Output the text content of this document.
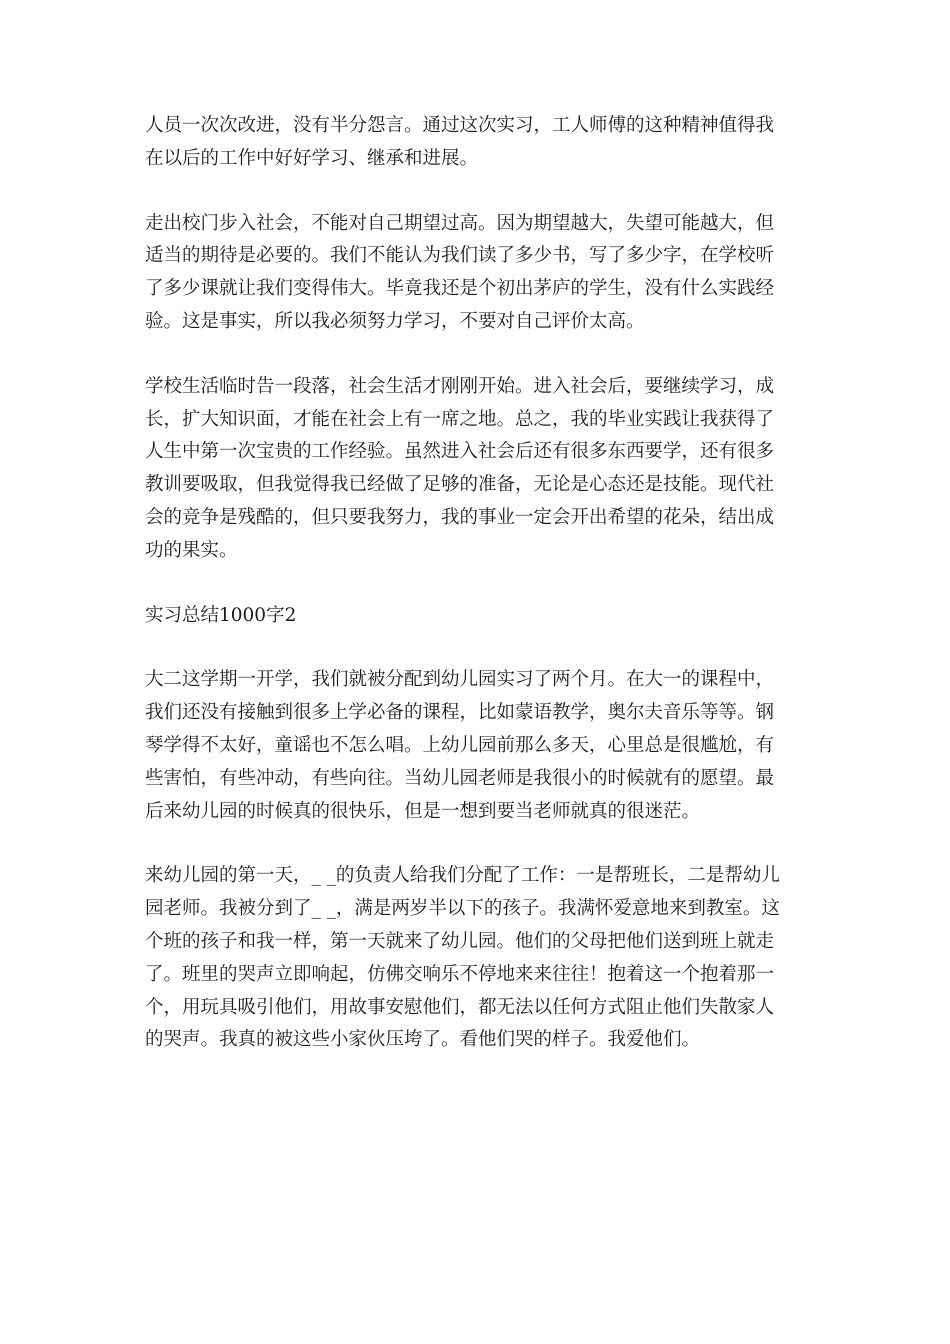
人员一次次改进，没有半分怨言。通过这次实习，工人师傅的这种精神值得我
在以后的工作中好好学习、继承和进展。
走出校门步入社会，不能对自己期望过高。因为期望越大，失望可能越大，但
适当的期待是必要的。我们不能认为我们读了多少书，写了多少字，在学校听
了多少课就让我们变得伟大。毕竟我还是个初出茅庐的学生，没有什么实践经
验。这是事实，所以我必须努力学习，不要对自己评价太高。
学校生活临时告一段落，社会生活才刚刚开始。进入社会后，要继续学习，成
长，扩大知识面，才能在社会上有一席之地。总之，我的毕业实践让我获得了
人生中第一次宝贵的工作经验。虽然进入社会后还有很多东西要学，还有很多
教训要吸取，但我觉得我已经做了足够的准备，无论是心态还是技能。现代社
会的竞争是残酷的，但只要我努力，我的事业一定会开出希望的花朵，结出成
功的果实。
实习总结1000字2
大二这学期一开学，我们就被分配到幼儿园实习了两个月。在大一的课程中，
我们还没有接触到很多上学必备的课程，比如蒙语教学，奥尔夫音乐等等。钢
琴学得不太好，童谣也不怎么唱。上幼儿园前那么多天，心里总是很尴尬，有
些害怕，有些冲动，有些向往。当幼儿园老师是我很小的时候就有的愿望。最
后来幼儿园的时候真的很快乐，但是一想到要当老师就真的很迷茫。
来幼儿园的第一天，_ _的负责人给我们分配了工作：一是帮班长，二是帮幼儿
园老师。我被分到了_ _，满是两岁半以下的孩子。我满怀爱意地来到教室。这
个班的孩子和我一样，第一天就来了幼儿园。他们的父母把他们送到班上就走
了。班里的哭声立即响起，仿佛交响乐不停地来来往往！抱着这一个抱着那一
个，用玩具吸引他们，用故事安慰他们，都无法以任何方式阻止他们失散家人
的哭声。我真的被这些小家伙压垮了。看他们哭的样子。我爱他们。
